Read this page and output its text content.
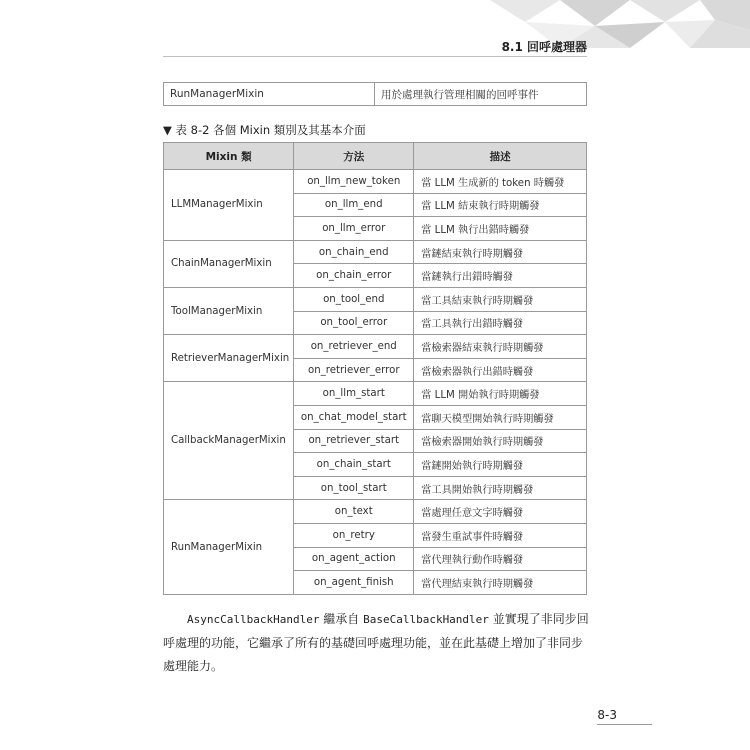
8.1 回呼處理器
RunManagerMixin	用於處理執行管理相關的回呼事件
▼ 表 8-2 各個 Mixin 類別及其基本介面
Mixin 類	方法	描述
LLMManagerMixin	on_llm_new_token	當 LLM 生成新的 token 時觸發
	on_llm_end	當 LLM 結束執行時期觸發
	on_llm_error	當 LLM 執行出錯時觸發
ChainManagerMixin	on_chain_end	當鏈結束執行時期觸發
	on_chain_error	當鏈執行出錯時觸發
ToolManagerMixin	on_tool_end	當工具結束執行時期觸發
	on_tool_error	當工具執行出錯時觸發
RetrieverManagerMixin	on_retriever_end	當檢索器結束執行時期觸發
	on_retriever_error	當檢索器執行出錯時觸發
CallbackManagerMixin	on_llm_start	當 LLM 開始執行時期觸發
	on_chat_model_start	當聊天模型開始執行時期觸發
	on_retriever_start	當檢索器開始執行時期觸發
	on_chain_start	當鏈開始執行時期觸發
	on_tool_start	當工具開始執行時期觸發
RunManagerMixin	on_text	當處理任意文字時觸發
	on_retry	當發生重試事件時觸發
	on_agent_action	當代理執行動作時觸發
	on_agent_finish	當代理結束執行時期觸發
AsyncCallbackHandler 繼承自 BaseCallbackHandler 並實現了非同步回呼處理的功能，它繼承了所有的基礎回呼處理功能，並在此基礎上增加了非同步處理能力。
8-3
